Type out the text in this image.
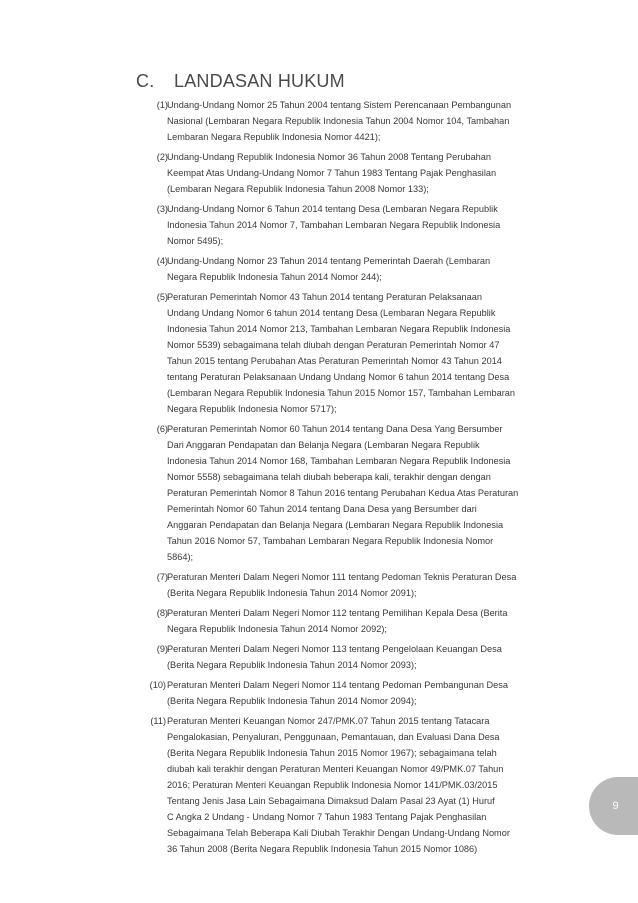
C. LANDASAN HUKUM
(1) Undang-Undang Nomor 25 Tahun 2004 tentang Sistem Perencanaan Pembangunan
Nasional (Lembaran Negara Republik Indonesia Tahun 2004 Nomor 104, Tambahan
Lembaran Negara Republik Indonesia Nomor 4421);
(2) Undang-Undang Republik Indonesia Nomor 36 Tahun 2008 Tentang Perubahan
Keempat Atas Undang-Undang Nomor 7 Tahun 1983 Tentang Pajak Penghasilan
(Lembaran Negara Republik Indonesia Tahun 2008 Nomor 133);
(3) Undang-Undang Nomor 6 Tahun 2014 tentang Desa (Lembaran Negara Republik
Indonesia Tahun 2014 Nomor 7, Tambahan Lembaran Negara Republik Indonesia
Nomor 5495);
(4) Undang-Undang Nomor 23 Tahun 2014 tentang Pemerintah Daerah (Lembaran
Negara Republik Indonesia Tahun 2014 Nomor 244);
(5) Peraturan Pemerintah Nomor 43 Tahun 2014 tentang Peraturan Pelaksanaan
Undang Undang Nomor 6 tahun 2014 tentang Desa (Lembaran Negara Republik
Indonesia Tahun 2014 Nomor 213, Tambahan Lembaran Negara Republik Indonesia
Nomor 5539) sebagaimana telah diubah dengan Peraturan Pemerintah Nomor 47
Tahun 2015 tentang Perubahan Atas Peraturan Pemerintah Nomor 43 Tahun 2014
tentang Peraturan Pelaksanaan Undang Undang Nomor 6 tahun 2014 tentang Desa
(Lembaran Negara Republik Indonesia Tahun 2015 Nomor 157, Tambahan Lembaran
Negara Republik Indonesia Nomor 5717);
(6) Peraturan Pemerintah Nomor 60 Tahun 2014 tentang Dana Desa Yang Bersumber
Dari Anggaran Pendapatan dan Belanja Negara (Lembaran Negara Republik
Indonesia Tahun 2014 Nomor 168, Tambahan Lembaran Negara Republik Indonesia
Nomor 5558) sebagaimana telah diubah beberapa kali, terakhir dengan dengan
Peraturan Pemerintah Nomor 8 Tahun 2016 tentang Perubahan Kedua Atas Peraturan
Pemerintah Nomor 60 Tahun 2014 tentang Dana Desa yang Bersumber dari
Anggaran Pendapatan dan Belanja Negara (Lembaran Negara Republik Indonesia
Tahun 2016 Nomor 57, Tambahan Lembaran Negara Republik Indonesia Nomor
5864);
(7) Peraturan Menteri Dalam Negeri Nomor 111 tentang Pedoman Teknis Peraturan Desa
(Berita Negara Republik Indonesia Tahun 2014 Nomor 2091);
(8) Peraturan Menteri Dalam Negeri Nomor 112 tentang Pemilihan Kepala Desa (Berita
Negara Republik Indonesia Tahun 2014 Nomor 2092);
(9) Peraturan Menteri Dalam Negeri Nomor 113 tentang Pengelolaan Keuangan Desa
(Berita Negara Republik Indonesia Tahun 2014 Nomor 2093);
(10) Peraturan Menteri Dalam Negeri Nomor 114 tentang Pedoman Pembangunan Desa
(Berita Negara Republik Indonesia Tahun 2014 Nomor 2094);
(11) Peraturan Menteri Keuangan Nomor 247/PMK.07 Tahun 2015 tentang Tatacara
Pengalokasian, Penyaluran, Penggunaan, Pemantauan, dan Evaluasi Dana Desa
(Berita Negara Republik Indonesia Tahun 2015 Nomor 1967); sebagaimana telah
diubah kali terakhir dengan Peraturan Menteri Keuangan Nomor 49/PMK.07 Tahun
2016; Peraturan Menteri Keuangan Republik Indonesia Nomor 141/PMK.03/2015
Tentang Jenis Jasa Lain Sebagaimana Dimaksud Dalam Pasal 23 Ayat (1) Huruf
C Angka 2 Undang - Undang Nomor 7 Tahun 1983 Tentang Pajak Penghasilan
Sebagaimana Telah Beberapa Kali Diubah Terakhir Dengan Undang-Undang Nomor
36 Tahun 2008 (Berita Negara Republik Indonesia Tahun 2015 Nomor 1086)
9
